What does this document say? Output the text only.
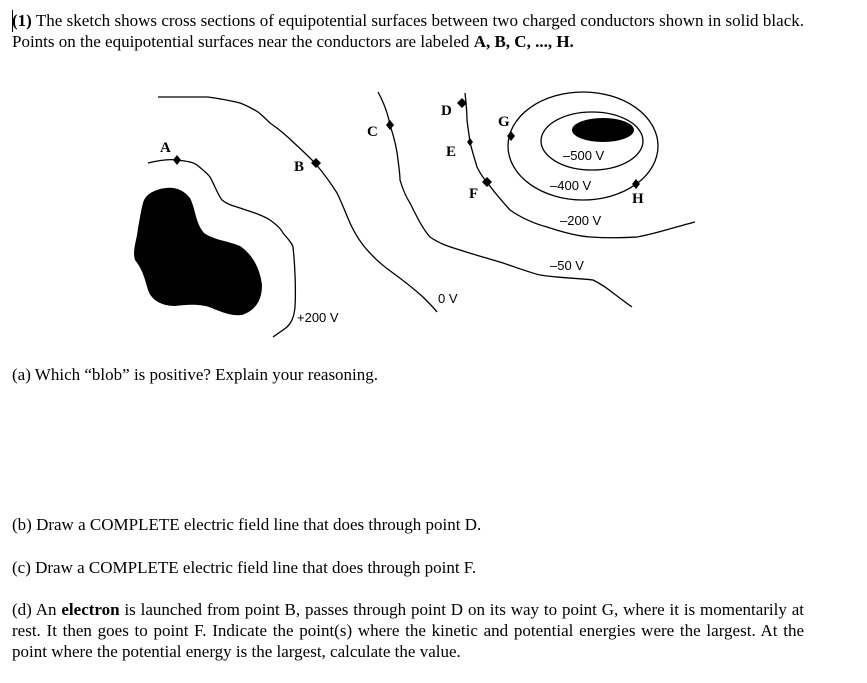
(1) The sketch shows cross sections of equipotential surfaces between two charged conductors shown in solid black. Points on the equipotential surfaces near the conductors are labeled A, B, C, ..., H.
A
B
C
D
E
F
G
H
+200 V
0 V
–50 V
–200 V
–400 V
–500 V
(a) Which “blob” is positive? Explain your reasoning.
(b) Draw a COMPLETE electric field line that does through point D.
(c) Draw a COMPLETE electric field line that does through point F.
(d) An electron is launched from point B, passes through point D on its way to point G, where it is momentarily at rest. It then goes to point F. Indicate the point(s) where the kinetic and potential energies were the largest. At the point where the potential energy is the largest, calculate the value.
